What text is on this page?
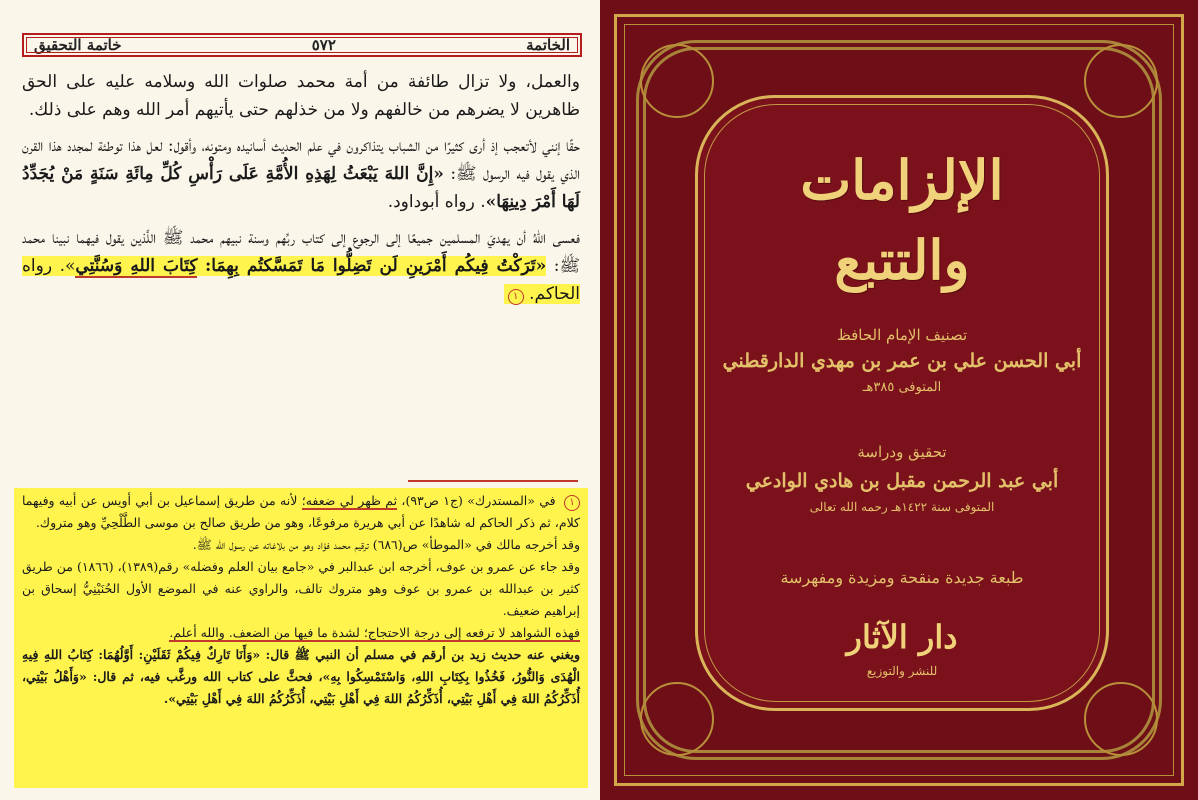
الخاتمة
٥٧٢
خاتمة التحقيق

والعمل، ولا تزال طائفة من أمة محمد صلوات الله وسلامه عليه على الحق ظاهرين لا يضرهم من خالفهم ولا من خذلهم حتى يأتيهم أمر الله وهم على ذلك.

حقًا إنني لأتعجب إذ أرى كثيرًا من الشباب يتذاكرون في علم الحديث أسانيده ومتونه، وأقول: لعل هذا توطئة لمجدد هذا القرن الذي يقول فيه الرسول ﷺ: «إِنَّ اللهَ يَبْعَثُ لِهَذِهِ الأُمَّةِ عَلَى رَأْسِ كُلِّ مِائَةِ سَنَةٍ مَنْ يُجَدِّدُ لَهَا أَمْرَ دِينِهَا». رواه أبوداود.

فعسى اللهُ أن يهديَ المسلمين جميعًا إلى الرجوع إلى كتاب ربِّهم وسنة نبيهم محمد ﷺ اللَّذين يقول فيهما نبينا محمد ﷺ: «تَرَكْتُ فِيكُم أَمْرَينِ لَن تَضِلُّوا مَا تَمَسَّكتُم بِهِمَا: كِتَابَ اللهِ وَسُنَّتِي». رواه الحاكم. ١

١ في «المستدرك» (ج١ ص٩٣)، ثم ظهر لي ضعفه؛ لأنه من طريق إسماعيل بن أبي أويس عن أبيه وفيهما كلام، ثم ذكر الحاكم له شاهدًا عن أبي هريرة مرفوعًا، وهو من طريق صالح بن موسى الطَّلْحِيِّ وهو متروك.

وقد أخرجه مالك في «الموطأ» ص(٦٨٦) ترقيم محمد فؤاد وهو من بلاغاته عن رسول الله ﷺ.

وقد جاء عن عمرو بن عوف، أخرجه ابن عبدالبر في «جامع بيان العلم وفضله» رقم(١٣٨٩)، (١٨٦٦) من طريق كثير بن عبدالله بن عمرو بن عوف وهو متروك تالف، والراوي عنه في الموضع الأول الحُنَيْنِيُّ إسحاق بن إبراهيم ضعيف.

فهذه الشواهد لا ترفعه إلى درجة الاحتجاج؛ لشدة ما فيها من الضعف. والله أعلم.

ويغني عنه حديث زيد بن أرقم في مسلم أن النبي ﷺ قال: «وَأَنَا تَارِكٌ فِيكُمْ ثَقَلَيْنِ: أَوَّلُهُمَا: كِتَابُ اللهِ فِيهِ الْهُدَى وَالنُّورُ، فَخُذُوا بِكِتَابِ اللهِ، وَاسْتَمْسِكُوا بِهِ»، فحثَّ على كتاب الله ورغَّب فيه، ثم قال: «وَأَهْلُ بَيْتِي، أُذَكِّرُكُمُ اللهَ فِي أَهْلِ بَيْتِي، أُذَكِّرُكُمُ اللهَ فِي أَهْلِ بَيْتِي، أُذَكِّرُكُمُ اللهَ فِي أَهْلِ بَيْتِي».

الإلزامات
والتتبع
تصنيف الإمام الحافظ
أبي الحسن علي بن عمر بن مهدي الدارقطني
المتوفى ٣٨٥هـ
تحقيق ودراسة
أبي عبد الرحمن مقبل بن هادي الوادعي
المتوفى سنة ١٤٢٢هـ رحمه الله تعالى
طبعة جديدة منقحة ومزيدة ومفهرسة
دار الآثار
للنشر والتوزيع
